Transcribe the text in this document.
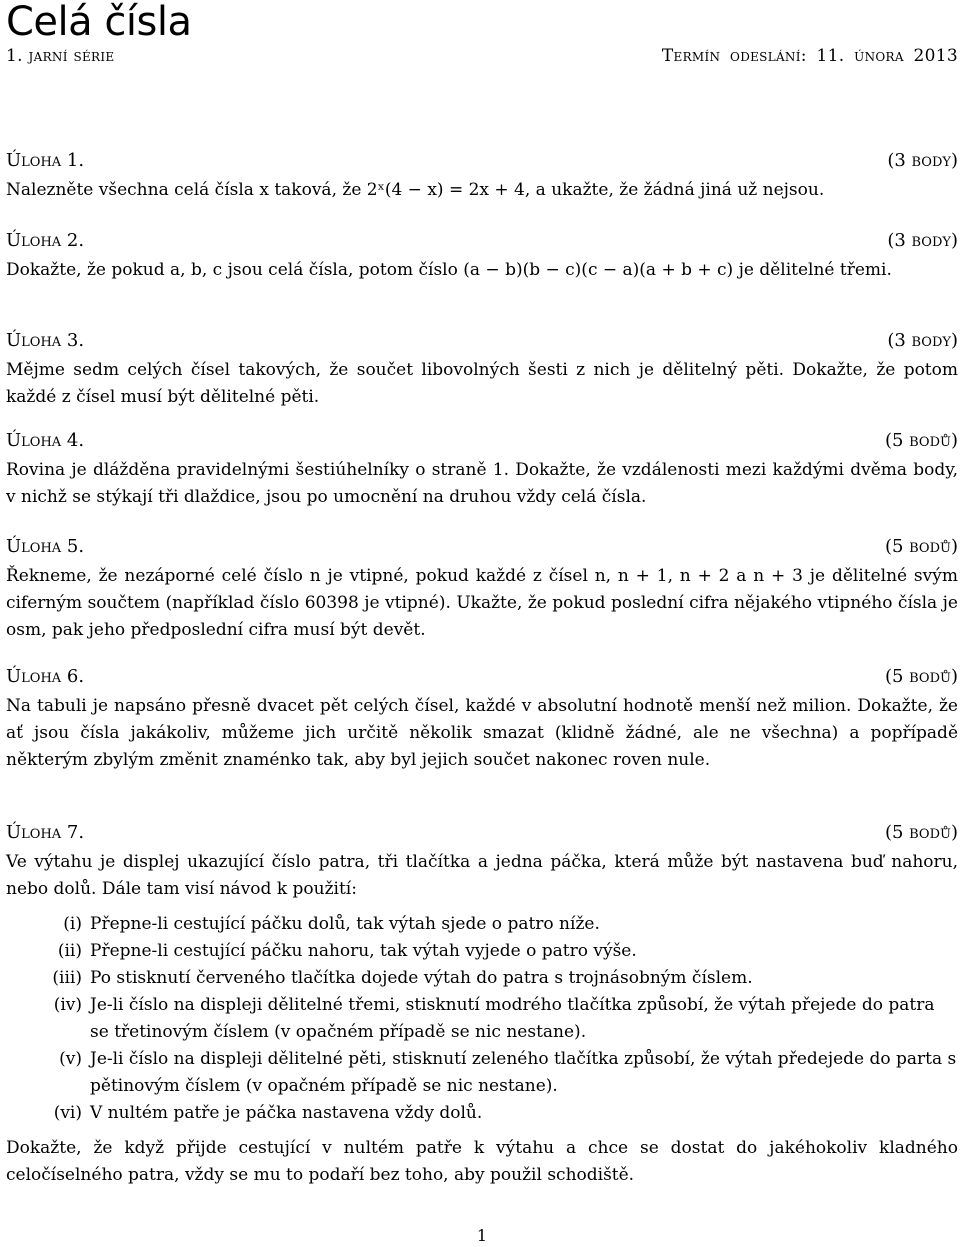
Celá čísla
1. jarní série	Termín odeslání: 11. února 2013
Úloha 1.	(3 body)

Nalezněte všechna celá čísla x taková, že 2ˣ(4 − x) = 2x + 4, a ukažte, že žádná jiná už nejsou.

Úloha 2.	(3 body)

Dokažte, že pokud a, b, c jsou celá čísla, potom číslo (a − b)(b − c)(c − a)(a + b + c) je dělitelné třemi.

Úloha 3.	(3 body)

Mějme sedm celých čísel takových, že součet libovolných šesti z nich je dělitelný pěti. Dokažte, že potom každé z čísel musí být dělitelné pěti.

Úloha 4.	(5 bodů)

Rovina je dlážděna pravidelnými šestiúhelníky o straně 1. Dokažte, že vzdálenosti mezi každými dvěma body, v nichž se stýkají tři dlaždice, jsou po umocnění na druhou vždy celá čísla.

Úloha 5.	(5 bodů)

Řekneme, že nezáporné celé číslo n je vtipné, pokud každé z čísel n, n + 1, n + 2 a n + 3 je dělitelné svým ciferným součtem (například číslo 60398 je vtipné). Ukažte, že pokud poslední cifra nějakého vtipného čísla je osm, pak jeho předposlední cifra musí být devět.

Úloha 6.	(5 bodů)

Na tabuli je napsáno přesně dvacet pět celých čísel, každé v absolutní hodnotě menší než milion. Dokažte, že ať jsou čísla jakákoliv, můžeme jich určitě několik smazat (klidně žádné, ale ne všechna) a popřípadě některým zbylým změnit znaménko tak, aby byl jejich součet nakonec roven nule.

Úloha 7.	(5 bodů)

Ve výtahu je displej ukazující číslo patra, tři tlačítka a jedna páčka, která může být nastavena buď nahoru, nebo dolů. Dále tam visí návod k použití:

(i) Přepne-li cestující páčku dolů, tak výtah sjede o patro níže.
(ii) Přepne-li cestující páčku nahoru, tak výtah vyjede o patro výše.
(iii) Po stisknutí červeného tlačítka dojede výtah do patra s trojnásobným číslem.
(iv) Je-li číslo na displeji dělitelné třemi, stisknutí modrého tlačítka způsobí, že výtah přejede do patra se třetinovým číslem (v opačném případě se nic nestane).
(v) Je-li číslo na displeji dělitelné pěti, stisknutí zeleného tlačítka způsobí, že výtah předejede do parta s pětinovým číslem (v opačném případě se nic nestane).
(vi) V nultém patře je páčka nastavena vždy dolů.

Dokažte, že když přijde cestující v nultém patře k výtahu a chce se dostat do jakéhokoliv kladného celočíselného patra, vždy se mu to podaří bez toho, aby použil schodiště.

1
